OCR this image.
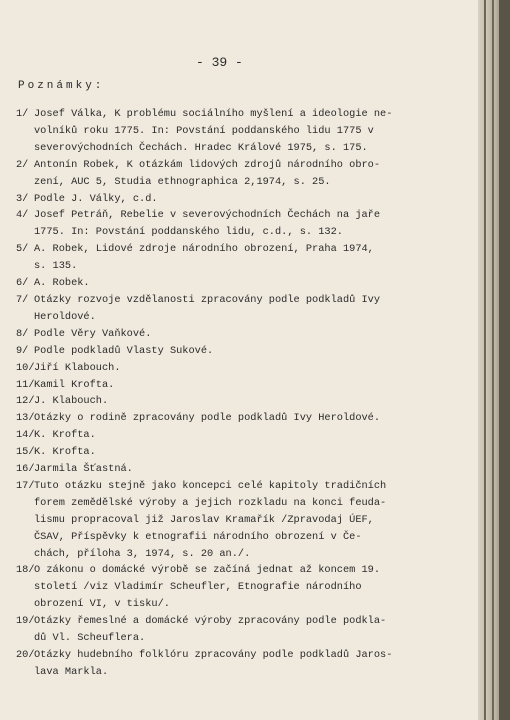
- 39 -
Poznámky:
1/ Josef Válka, K problému sociálního myšlení a ideologie ne-
volníků roku 1775. In: Povstání poddanského lidu 1775 v
severovýchodních Čechách. Hradec Králové 1975, s. 175.
2/ Antonín Robek, K otázkám lidových zdrojů národního obro-
zení, AUC 5, Studia ethnographica 2,1974, s. 25.
3/ Podle J. Války, c.d.
4/ Josef Petráň, Rebelie v severovýchodních Čechách na jaře
1775. In: Povstání poddanského lidu, c.d., s. 132.
5/ A. Robek, Lidové zdroje národního obrození, Praha 1974,
s. 135.
6/ A. Robek.
7/ Otázky rozvoje vzdělanosti zpracovány podle podkladů Ivy
Heroldové.
8/ Podle Věry Vaňkové.
9/ Podle podkladů Vlasty Sukové.
10/ Jiří Klabouch.
11/ Kamil Krofta.
12/ J. Klabouch.
13/ Otázky o rodině zpracovány podle podkladů Ivy Heroldové.
14/ K. Krofta.
15/ K. Krofta.
16/ Jarmila Šťastná.
17/ Tuto otázku stejně jako koncepci celé kapitoly tradičních
forem zemědělské výroby a jejich rozkladu na konci feuda-
lismu propracoval již Jaroslav Kramařík /Zpravodaj ÚEF,
ČSAV, Příspěvky k etnografii národního obrození v Če-
chách, příloha 3, 1974, s. 20 an./.
18/ O zákonu o domácké výrobě se začíná jednat až koncem 19.
století /viz Vladimír Scheufler, Etnografie národního
obrození VI, v tisku/.
19/ Otázky řemeslné a domácké výroby zpracovány podle podkla-
dů Vl. Scheuflera.
20/ Otázky hudebního folklóru zpracovány podle podkladů Jaros-
lava Markla.
